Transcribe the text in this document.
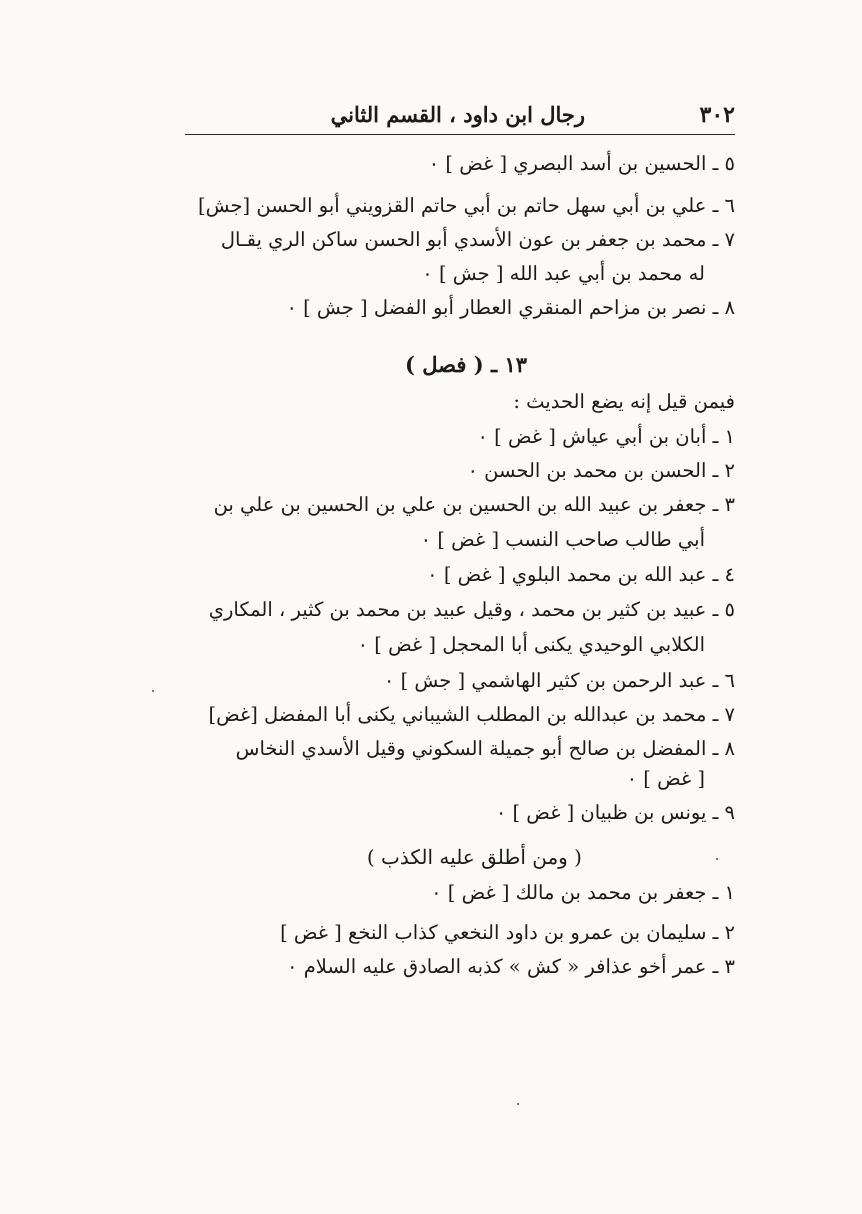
٣٠٢
رجال ابن داود ، القسم الثاني
٥ ـ الحسين بن أسد البصري [ غض ] ٠
٦ ـ علي بن أبي سهل حاتم بن أبي حاتم القزويني أبو الحسن [جش]
٧ ـ محمد بن جعفر بن عون الأسدي أبو الحسن ساكن الري يقـال
له محمد بن أبي عبد الله [ جش ] ٠
٨ ـ نصر بن مزاحم المنقري العطار أبو الفضل [ جش ] ٠
١٣ ـ ( فصل )
فيمن قيل إنه يضع الحديث :
١ ـ أبان بن أبي عياش [ غض ] ٠
٢ ـ الحسن بن محمد بن الحسن ٠
٣ ـ جعفر بن عبيد الله بن الحسين بن علي بن الحسين بن علي بن
أبي طالب صاحب النسب [ غض ] ٠
٤ ـ عبد الله بن محمد البلوي [ غض ] ٠
٥ ـ عبيد بن كثير بن محمد ، وقيل عبيد بن محمد بن كثير ، المكاري
الكلابي الوحيدي يكنى أبا المحجل [ غض ] ٠
٦ ـ عبد الرحمن بن كثير الهاشمي [ جش ] ٠
٧ ـ محمد بن عبدالله بن المطلب الشيباني يكنى أبا المفضل [غض]
٨ ـ المفضل بن صالح أبو جميلة السكوني وقيل الأسدي النخاس
[ غض ] ٠
٩ ـ يونس بن ظبيان [ غض ] ٠
( ومن أطلق عليه الكذب )
١ ـ جعفر بن محمد بن مالك [ غض ] ٠
٢ ـ سليمان بن عمرو بن داود النخعي كذاب النخع [ غض ]
٣ ـ عمر أخو عذافر « كش » كذبه الصادق عليه السلام ٠
